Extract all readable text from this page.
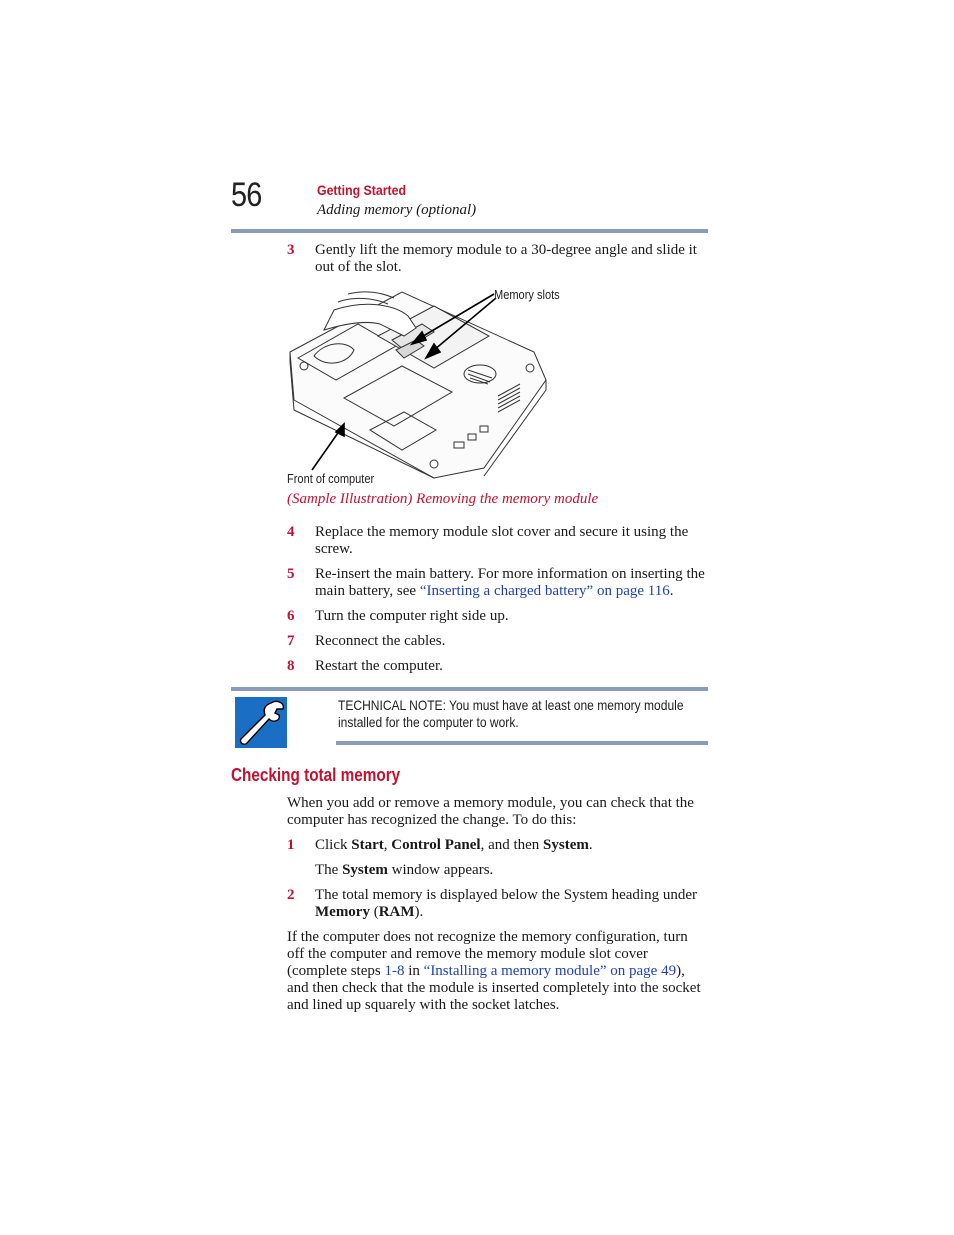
56	Getting Started
Adding memory (optional)
3	Gently lift the memory module to a 30-degree angle and slide it out of the slot.
Memory slots
Front of computer
(Sample Illustration) Removing the memory module
4	Replace the memory module slot cover and secure it using the screw.
5	Re-insert the main battery. For more information on inserting the main battery, see “Inserting a charged battery” on page 116.
6	Turn the computer right side up.
7	Reconnect the cables.
8	Restart the computer.
TECHNICAL NOTE: You must have at least one memory module installed for the computer to work.
Checking total memory
When you add or remove a memory module, you can check that the computer has recognized the change. To do this:
1	Click Start, Control Panel, and then System.
The System window appears.
2	The total memory is displayed below the System heading under Memory (RAM).
If the computer does not recognize the memory configuration, turn off the computer and remove the memory module slot cover (complete steps 1-8 in “Installing a memory module” on page 49), and then check that the module is inserted completely into the socket and lined up squarely with the socket latches.
